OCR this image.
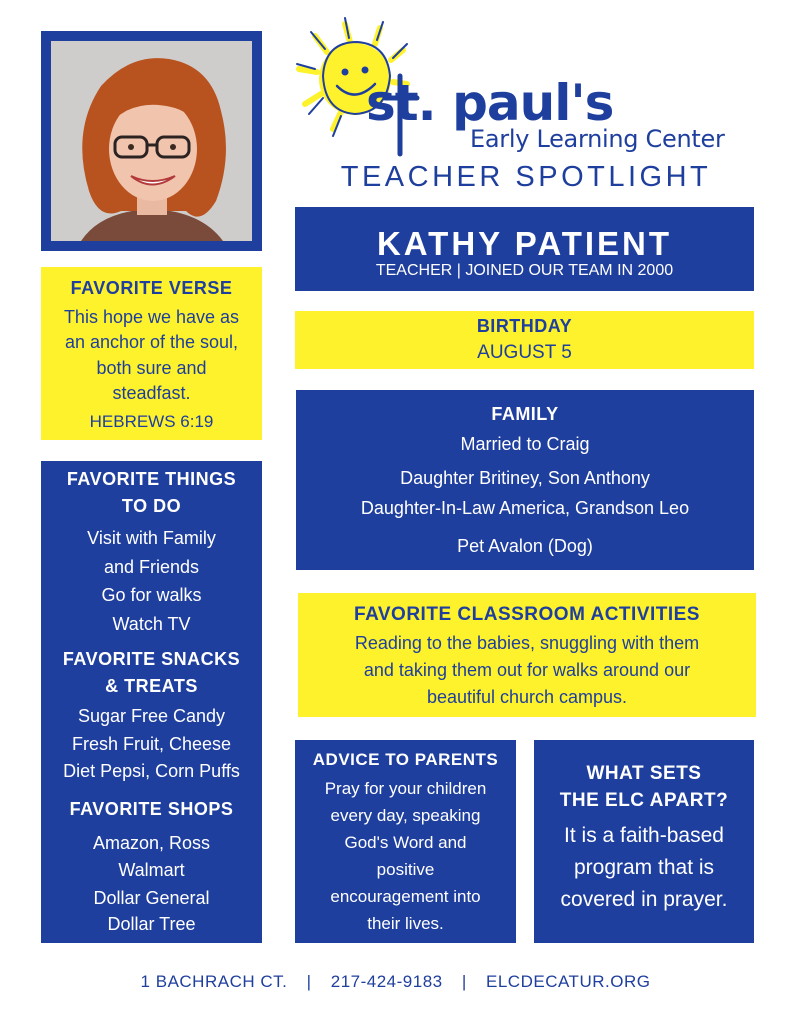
st. paul's
Early Learning Center
TEACHER SPOTLIGHT
KATHY PATIENT
TEACHER | JOINED OUR TEAM IN 2000
BIRTHDAY
AUGUST 5
FAMILY
Married to Craig
Daughter Britiney, Son Anthony
Daughter-In-Law America, Grandson Leo
Pet Avalon (Dog)
FAVORITE CLASSROOM ACTIVITIES
Reading to the babies, snuggling with them
and taking them out for walks around our
beautiful church campus.
FAVORITE VERSE
This hope we have as
an anchor of the soul,
both sure and
steadfast.
HEBREWS 6:19
FAVORITE THINGS
TO DO
Visit with Family
and Friends
Go for walks
Watch TV
FAVORITE SNACKS
& TREATS
Sugar Free Candy
Fresh Fruit, Cheese
Diet Pepsi, Corn Puffs
FAVORITE SHOPS
Amazon, Ross
Walmart
Dollar General
Dollar Tree
ADVICE TO PARENTS
Pray for your children
every day, speaking
God's Word and
positive
encouragement into
their lives.
WHAT SETS
THE ELC APART?
It is a faith-based
program that is
covered in prayer.
1 BACHRACH CT. | 217-424-9183 | ELCDECATUR.ORG
